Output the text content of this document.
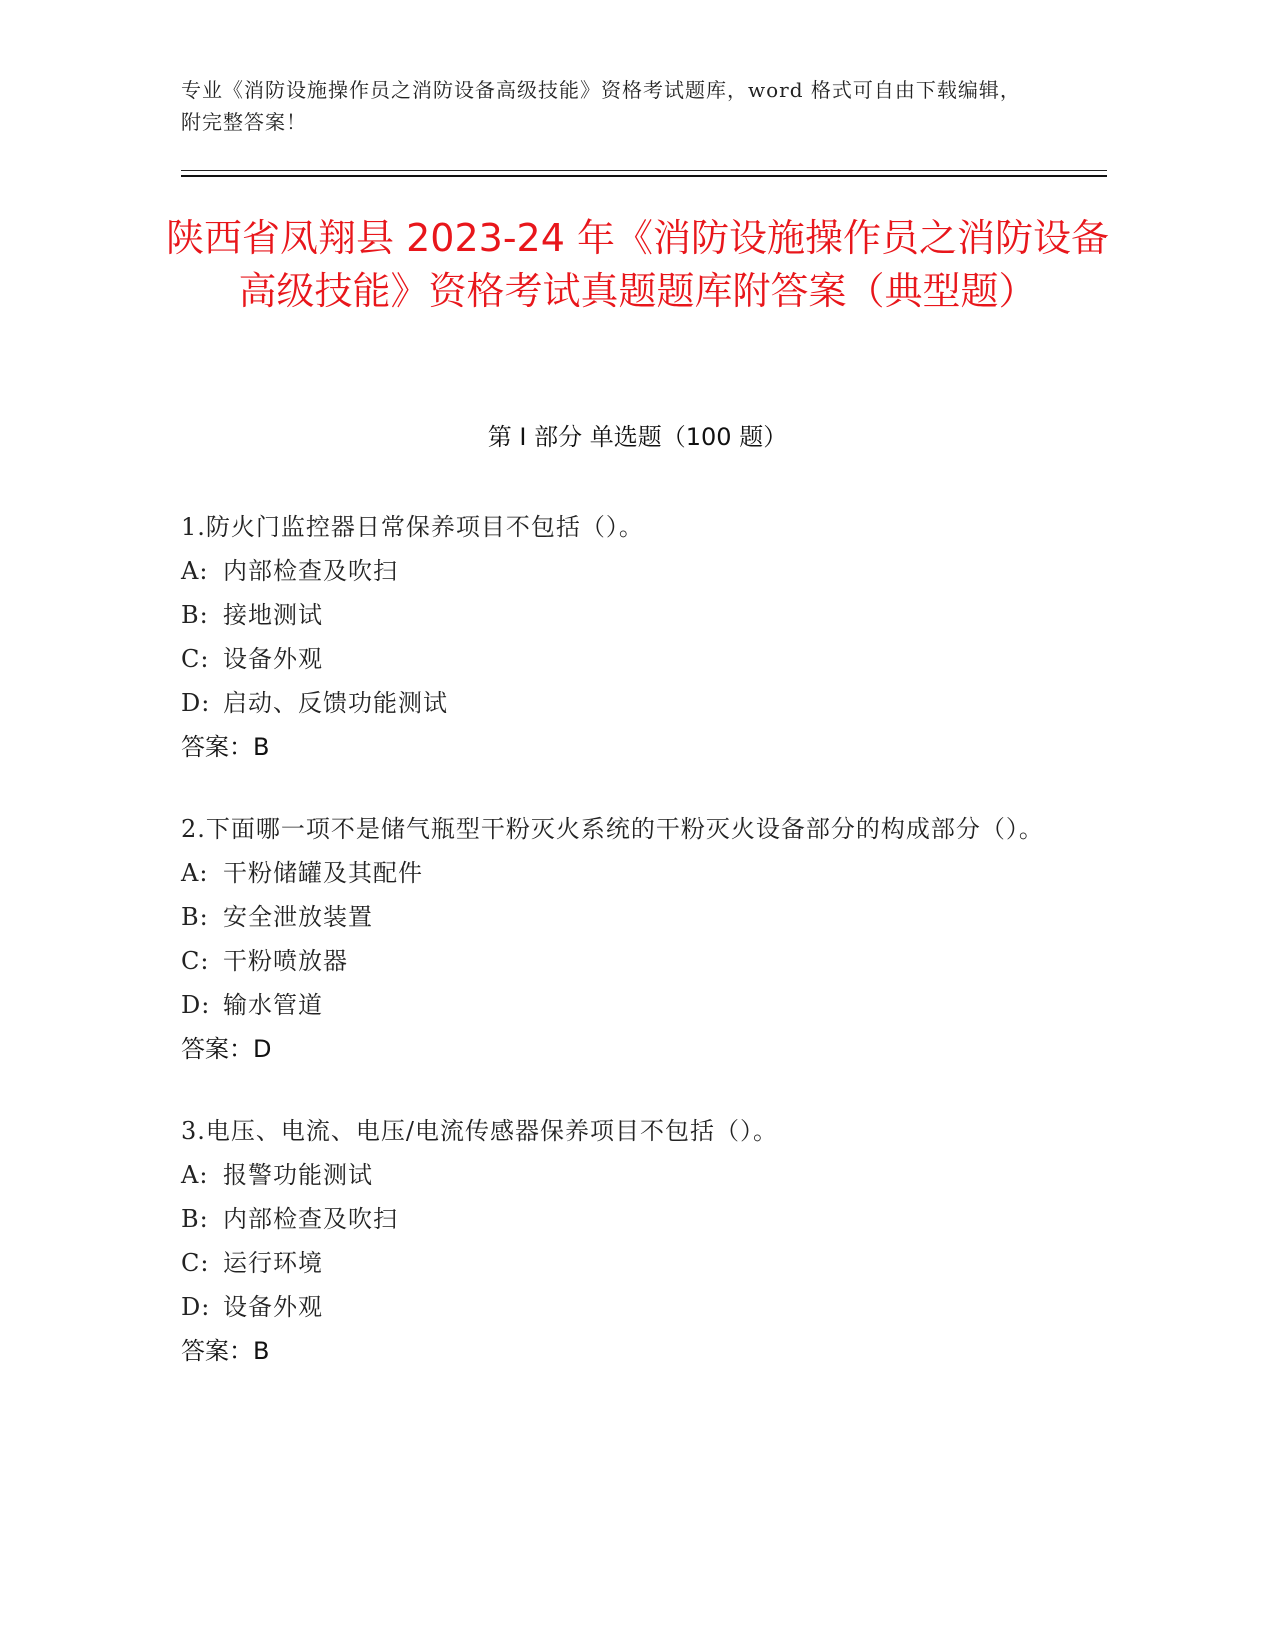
专业《消防设施操作员之消防设备高级技能》资格考试题库，word 格式可自由下载编辑，附完整答案！
陕西省凤翔县 2023-24 年《消防设施操作员之消防设备高级技能》资格考试真题题库附答案（典型题）
第 I 部分 单选题（100 题）
1.防火门监控器日常保养项目不包括（）。
A: 内部检查及吹扫
B: 接地测试
C: 设备外观
D: 启动、反馈功能测试
答案：B
2.下面哪一项不是储气瓶型干粉灭火系统的干粉灭火设备部分的构成部分（）。
A: 干粉储罐及其配件
B: 安全泄放装置
C: 干粉喷放器
D: 输水管道
答案：D
3.电压、电流、电压/电流传感器保养项目不包括（）。
A: 报警功能测试
B: 内部检查及吹扫
C: 运行环境
D: 设备外观
答案：B
